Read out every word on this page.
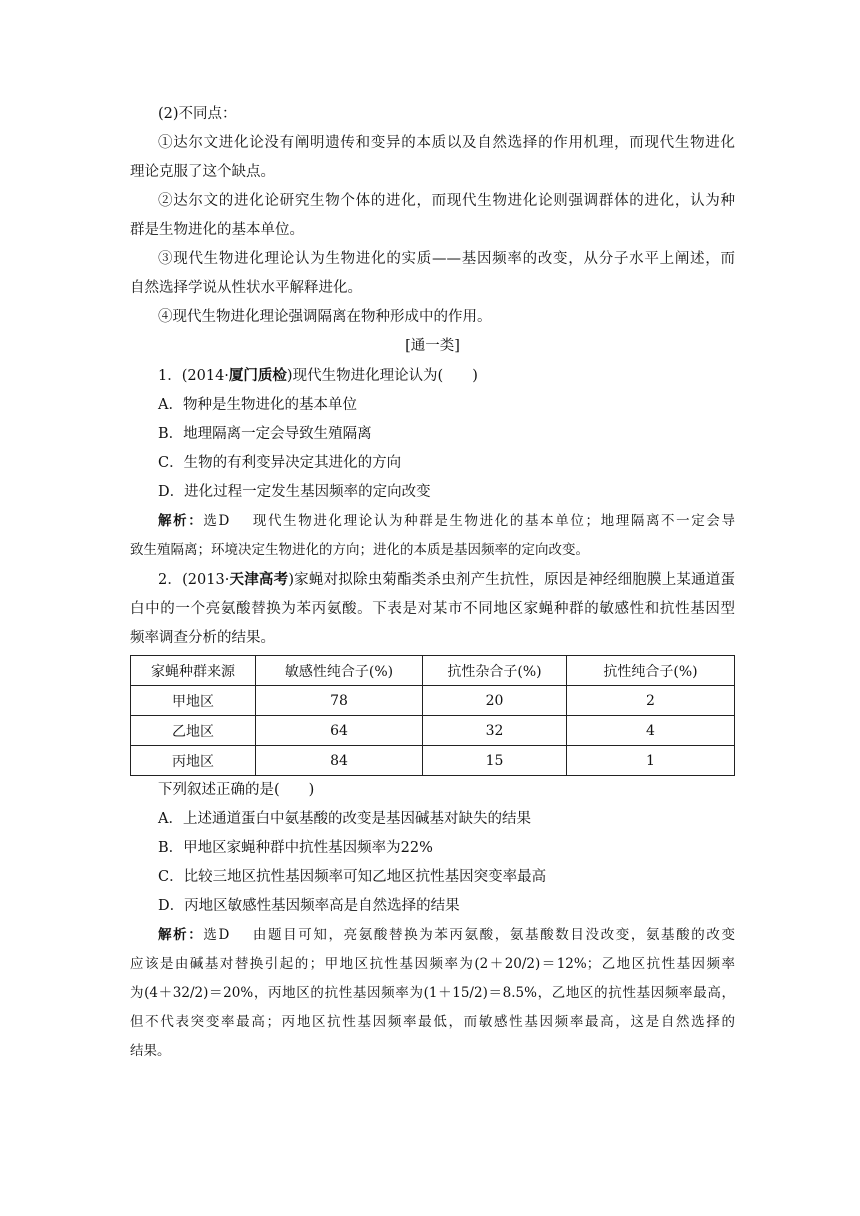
(2)不同点：
①达尔文进化论没有阐明遗传和变异的本质以及自然选择的作用机理，而现代生物进化
理论克服了这个缺点。
②达尔文的进化论研究生物个体的进化，而现代生物进化论则强调群体的进化，认为种
群是生物进化的基本单位。
③现代生物进化理论认为生物进化的实质——基因频率的改变，从分子水平上阐述，而
自然选择学说从性状水平解释进化。
④现代生物进化理论强调隔离在物种形成中的作用。
[通一类]
1．(2014·厦门质检)现代生物进化理论认为(　　)
A．物种是生物进化的基本单位
B．地理隔离一定会导致生殖隔离
C．生物的有利变异决定其进化的方向
D．进化过程一定发生基因频率的定向改变
解析：选D 现代生物进化理论认为种群是生物进化的基本单位；地理隔离不一定会导
致生殖隔离；环境决定生物进化的方向；进化的本质是基因频率的定向改变。
2．(2013·天津高考)家蝇对拟除虫菊酯类杀虫剂产生抗性，原因是神经细胞膜上某通道蛋
白中的一个亮氨酸替换为苯丙氨酸。下表是对某市不同地区家蝇种群的敏感性和抗性基因型
频率调查分析的结果。
家蝇种群来源	敏感性纯合子(%)	抗性杂合子(%)	抗性纯合子(%)
甲地区	78	20	2
乙地区	64	32	4
丙地区	84	15	1
下列叙述正确的是(　　)
A．上述通道蛋白中氨基酸的改变是基因碱基对缺失的结果
B．甲地区家蝇种群中抗性基因频率为22%
C．比较三地区抗性基因频率可知乙地区抗性基因突变率最高
D．丙地区敏感性基因频率高是自然选择的结果
解析：选D 由题目可知，亮氨酸替换为苯丙氨酸，氨基酸数目没改变，氨基酸的改变
应该是由碱基对替换引起的；甲地区抗性基因频率为(2＋20/2)＝12%；乙地区抗性基因频率
为(4＋32/2)＝20%，丙地区的抗性基因频率为(1＋15/2)＝8.5%，乙地区的抗性基因频率最高，
但不代表突变率最高；丙地区抗性基因频率最低，而敏感性基因频率最高，这是自然选择的
结果。
